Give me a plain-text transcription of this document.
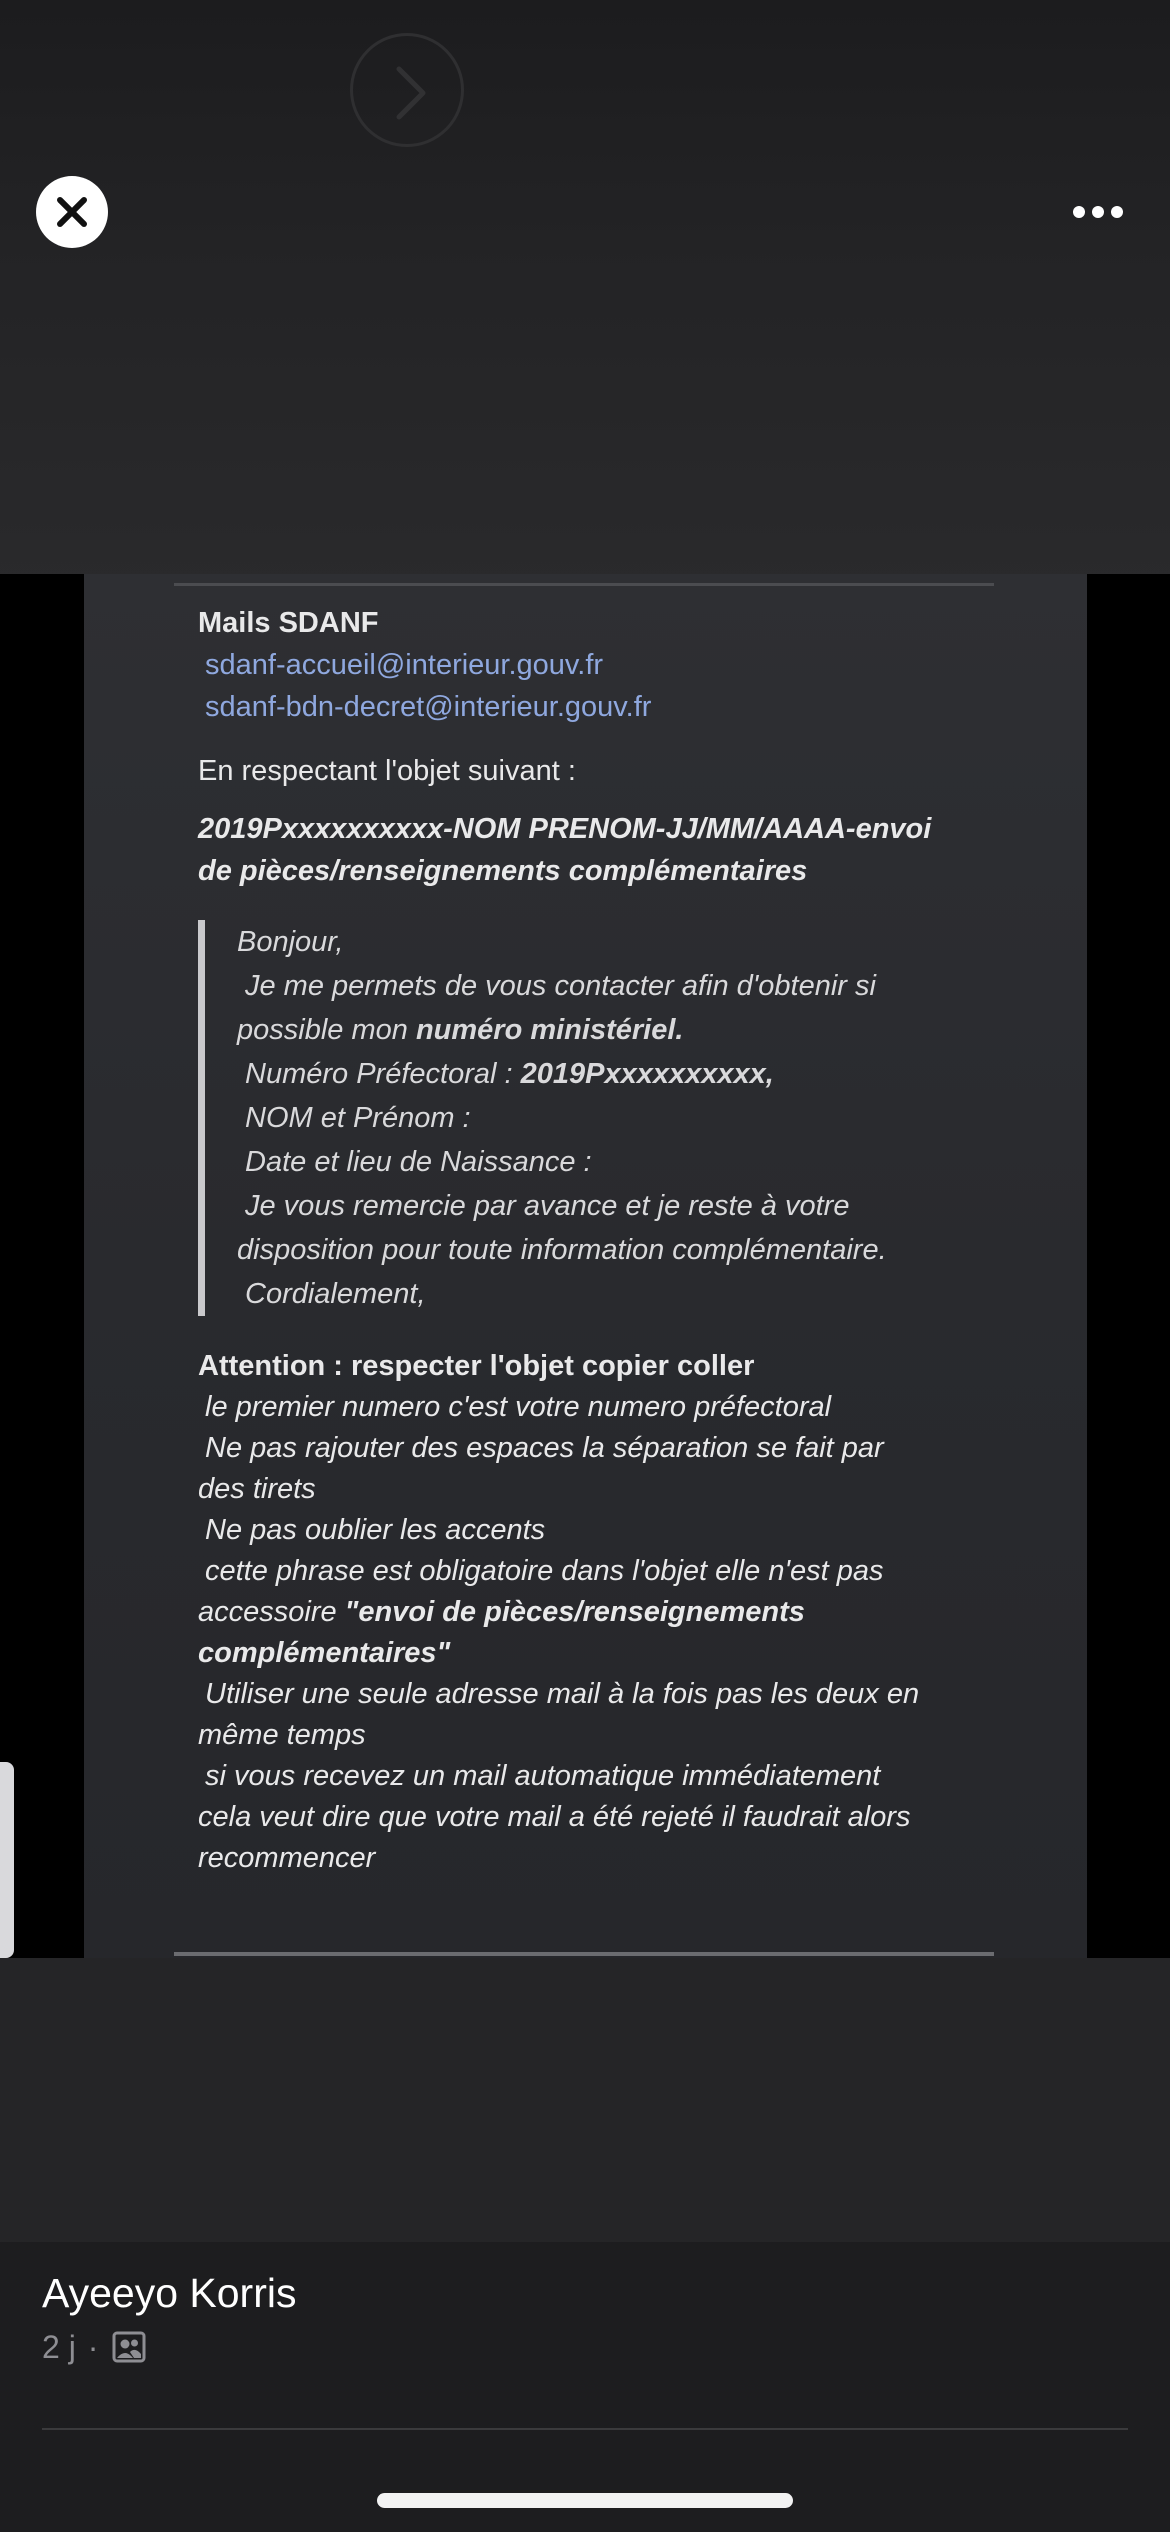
Mails SDANF
sdanf-accueil@interieur.gouv.fr
sdanf-bdn-decret@interieur.gouv.fr
En respectant l'objet suivant :
2019Pxxxxxxxxxx-NOM PRENOM-JJ/MM/AAAA-envoi
de pièces/renseignements complémentaires
Bonjour,
Je me permets de vous contacter afin d'obtenir si
possible mon numéro ministériel.
Numéro Préfectoral : 2019Pxxxxxxxxxx,
NOM et Prénom :
Date et lieu de Naissance :
Je vous remercie par avance et je reste à votre
disposition pour toute information complémentaire.
Cordialement,
Attention : respecter l'objet copier coller
le premier numero c'est votre numero préfectoral
Ne pas rajouter des espaces la séparation se fait par
des tirets
Ne pas oublier les accents
cette phrase est obligatoire dans l'objet elle n'est pas
accessoire "envoi de pièces/renseignements
complémentaires"
Utiliser une seule adresse mail à la fois pas les deux en
même temps
si vous recevez un mail automatique immédiatement
cela veut dire que votre mail a été rejeté il faudrait alors
recommencer
Ayeeyo Korris
2 j ·
